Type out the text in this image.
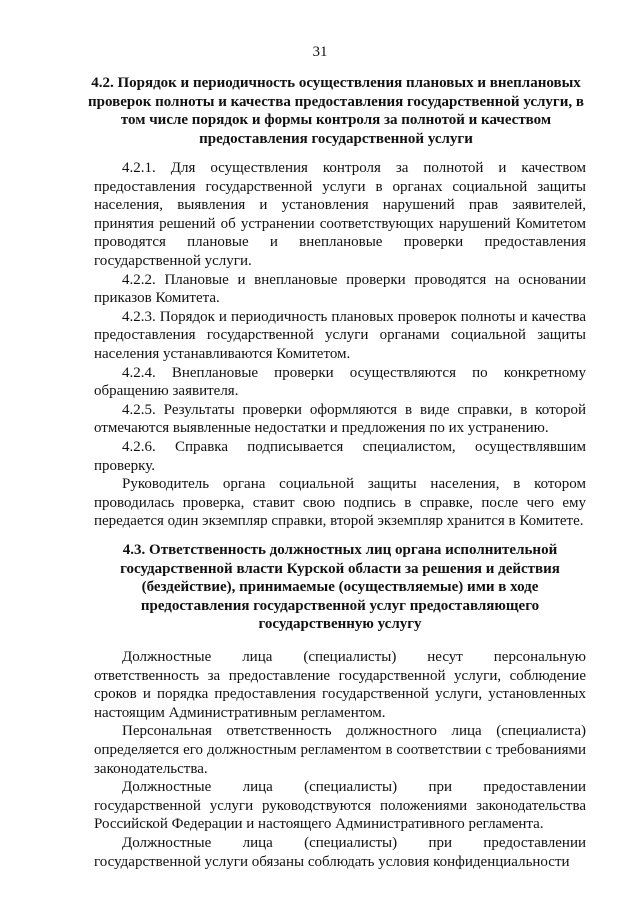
31
4.2. Порядок и периодичность осуществления плановых и внеплановых проверок полноты и качества предоставления государственной услуги, в том числе порядок и формы контроля за полнотой и качеством предоставления государственной услуги

4.2.1. Для осуществления контроля за полнотой и качеством предоставления государственной услуги в органах социальной защиты населения, выявления и установления нарушений прав заявителей, принятия решений об устранении соответствующих нарушений Комитетом проводятся плановые и внеплановые проверки предоставления государственной услуги.

4.2.2. Плановые и внеплановые проверки проводятся на основании приказов Комитета.

4.2.3. Порядок и периодичность плановых проверок полноты и качества предоставления государственной услуги органами социальной защиты населения устанавливаются Комитетом.

4.2.4. Внеплановые проверки осуществляются по конкретному обращению заявителя.

4.2.5. Результаты проверки оформляются в виде справки, в которой отмечаются выявленные недостатки и предложения по их устранению.

4.2.6. Справка подписывается специалистом, осуществлявшим проверку.

Руководитель органа социальной защиты населения, в котором проводилась проверка, ставит свою подпись в справке, после чего ему передается один экземпляр справки, второй экземпляр хранится в Комитете.

4.3. Ответственность должностных лиц органа исполнительной государственной власти Курской области за решения и действия (бездействие), принимаемые (осуществляемые) ими в ходе предоставления государственной услуг предоставляющего государственную услугу

Должностные лица (специалисты) несут персональную ответственность за предоставление государственной услуги, соблюдение сроков и порядка предоставления государственной услуги, установленных настоящим Административным регламентом.

Персональная ответственность должностного лица (специалиста) определяется его должностным регламентом в соответствии с требованиями законодательства.

Должностные лица (специалисты) при предоставлении государственной услуги руководствуются положениями законодательства Российской Федерации и настоящего Административного регламента.

Должностные лица (специалисты) при предоставлении государственной услуги обязаны соблюдать условия конфиденциальности
